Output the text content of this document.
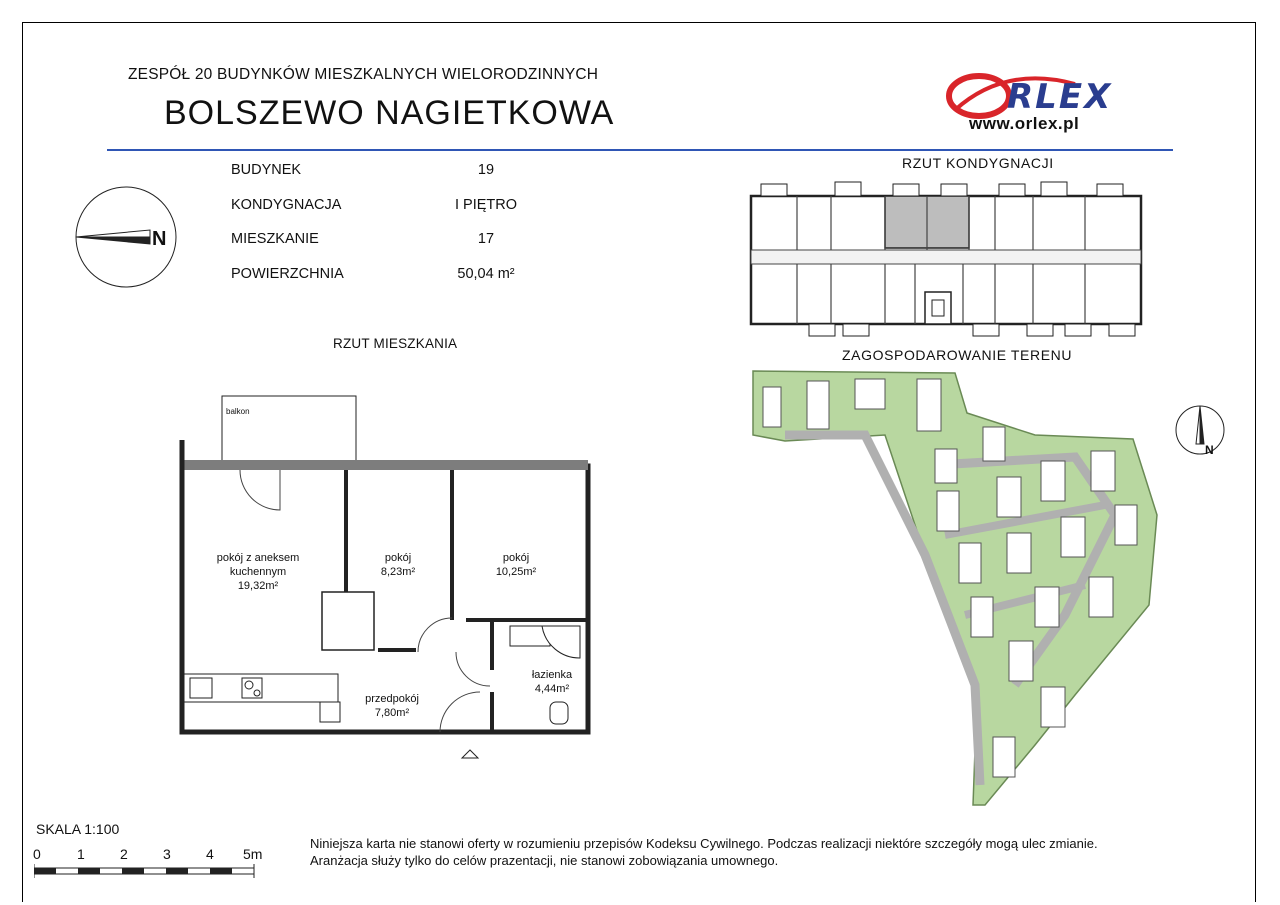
ZESPÓŁ 20 BUDYNKÓW MIESZKALNYCH WIELORODZINNYCH
BOLSZEWO NAGIETKOWA	RLEX
www.orlex.pl
BUDYNEK	19
KONDYGNACJA	I PIĘTRO
MIESZKANIE	17
POWIERZCHNIA	50,04 m²
N
RZUT KONDYGNACJI
ZAGOSPODAROWANIE TERENU
N
RZUT MIESZKANIA
balkon
pokój z aneksem
kuchennym
19,32m²
pokój
8,23m²
pokój
10,25m²
łazienka
4,44m²
przedpokój
7,80m²
SKALA 1:100
0	1	2	3	4 5m
Niniejsza karta nie stanowi oferty w rozumieniu przepisów Kodeksu Cywilnego. Podczas realizacji niektóre szczegóły mogą ulec zmianie.
Aranżacja służy tylko do celów prazentacji, nie stanowi zobowiązania umownego.
